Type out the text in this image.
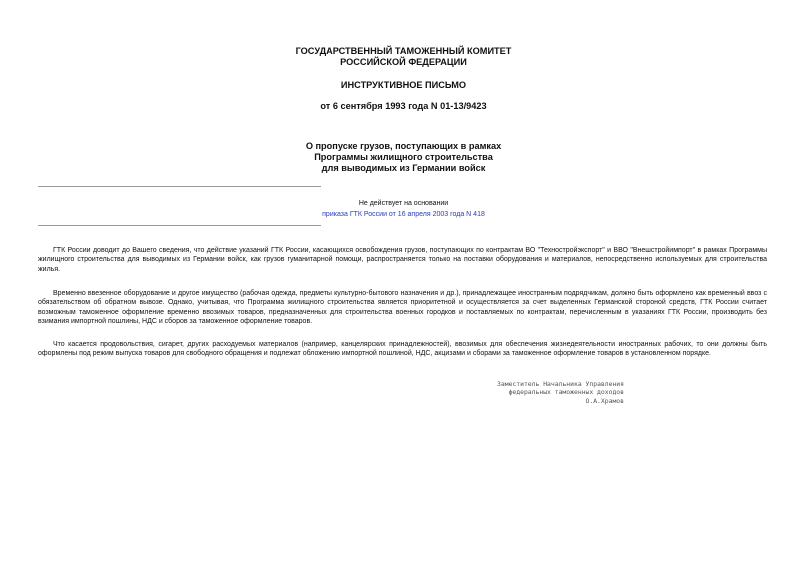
ГОСУДАРСТВЕННЫЙ ТАМОЖЕННЫЙ КОМИТЕТ
РОССИЙСКОЙ ФЕДЕРАЦИИ
ИНСТРУКТИВНОЕ ПИСЬМО
от 6 сентября 1993 года N 01-13/9423
О пропуске грузов, поступающих в рамках
Программы жилищного строительства
для выводимых из Германии войск
Не действует на основании
приказа ГТК России от 16 апреля 2003 года N 418

ГТК России доводит до Вашего сведения, что действие указаний ГТК России, касающихся освобождения грузов, поступающих по контрактам ВО "Техностройэкспорт" и ВВО "Внешстройимпорт" в рамках Программы жилищного строительства для выводимых из Германии войск, как грузов гуманитарной помощи, распространяется только на поставки оборудования и материалов, непосредственно используемых для строительства жилья.

Временно ввезенное оборудование и другое имущество (рабочая одежда, предметы культурно-бытового назначения и др.), принадлежащее иностранным подрядчикам, должно быть оформлено как временный ввоз с обязательством об обратном вывозе. Однако, учитывая, что Программа жилищного строительства является приоритетной и осуществляется за счет выделенных Германской стороной средств, ГТК России считает возможным таможенное оформление временно ввозимых товаров, предназначенных для строительства военных городков и поставляемых по контрактам, перечисленным в указаниях ГТК России, производить без взимания импортной пошлины, НДС и сборов за таможенное оформление товаров.

Что касается продовольствия, сигарет, других расходуемых материалов (например, канцелярских принадлежностей), ввозимых для обеспечения жизнедеятельности иностранных рабочих, то они должны быть оформлены под режим выпуска товаров для свободного обращения и подлежат обложению импортной пошлиной, НДС, акцизами и сборами за таможенное оформление товаров в установленном порядке.

Заместитель Начальника Управления
федеральных таможенных доходов
О.А.Храмов
